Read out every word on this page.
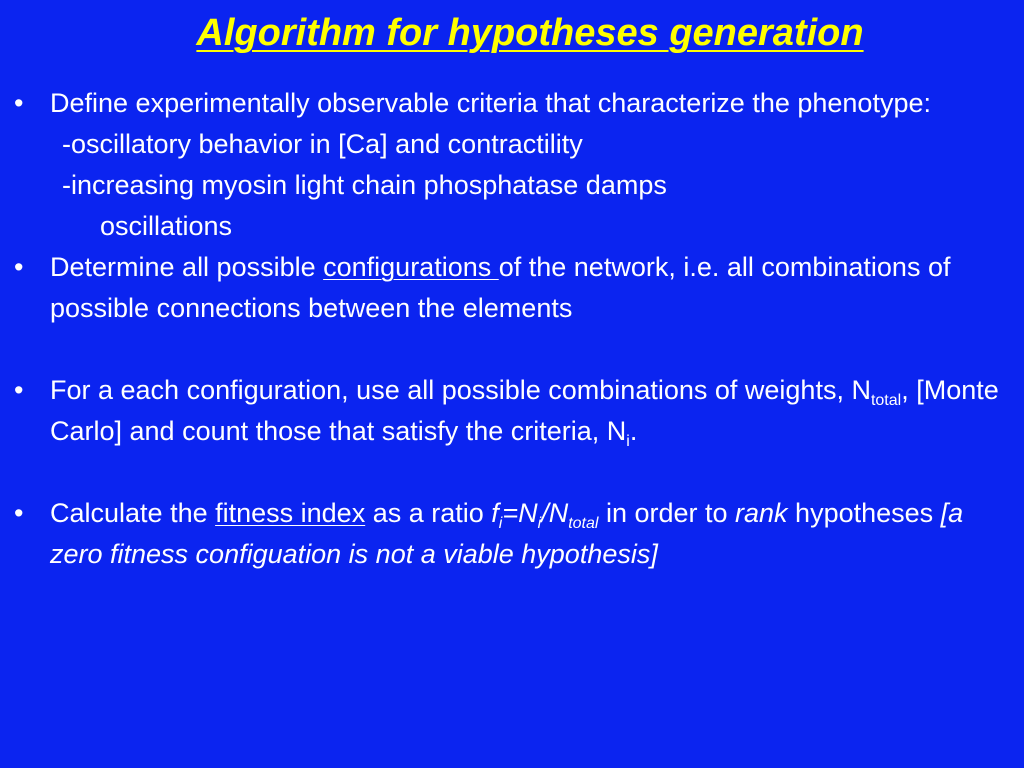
Algorithm for hypotheses generation
• Define experimentally observable criteria that characterize the phenotype:
-oscillatory behavior in [Ca] and contractility
-increasing myosin light chain phosphatase damps
oscillations
• Determine all possible configurations of the network, i.e. all combinations of possible connections between the elements
• For a each configuration, use all possible combinations of weights, $N_{total}$, [Monte Carlo] and count those that satisfy the criteria, $N_i$.
• Calculate the fitness index as a ratio $f_i=N_i/N_{total}$ in order to rank hypotheses [a zero fitness configuation is not a viable hypothesis]
